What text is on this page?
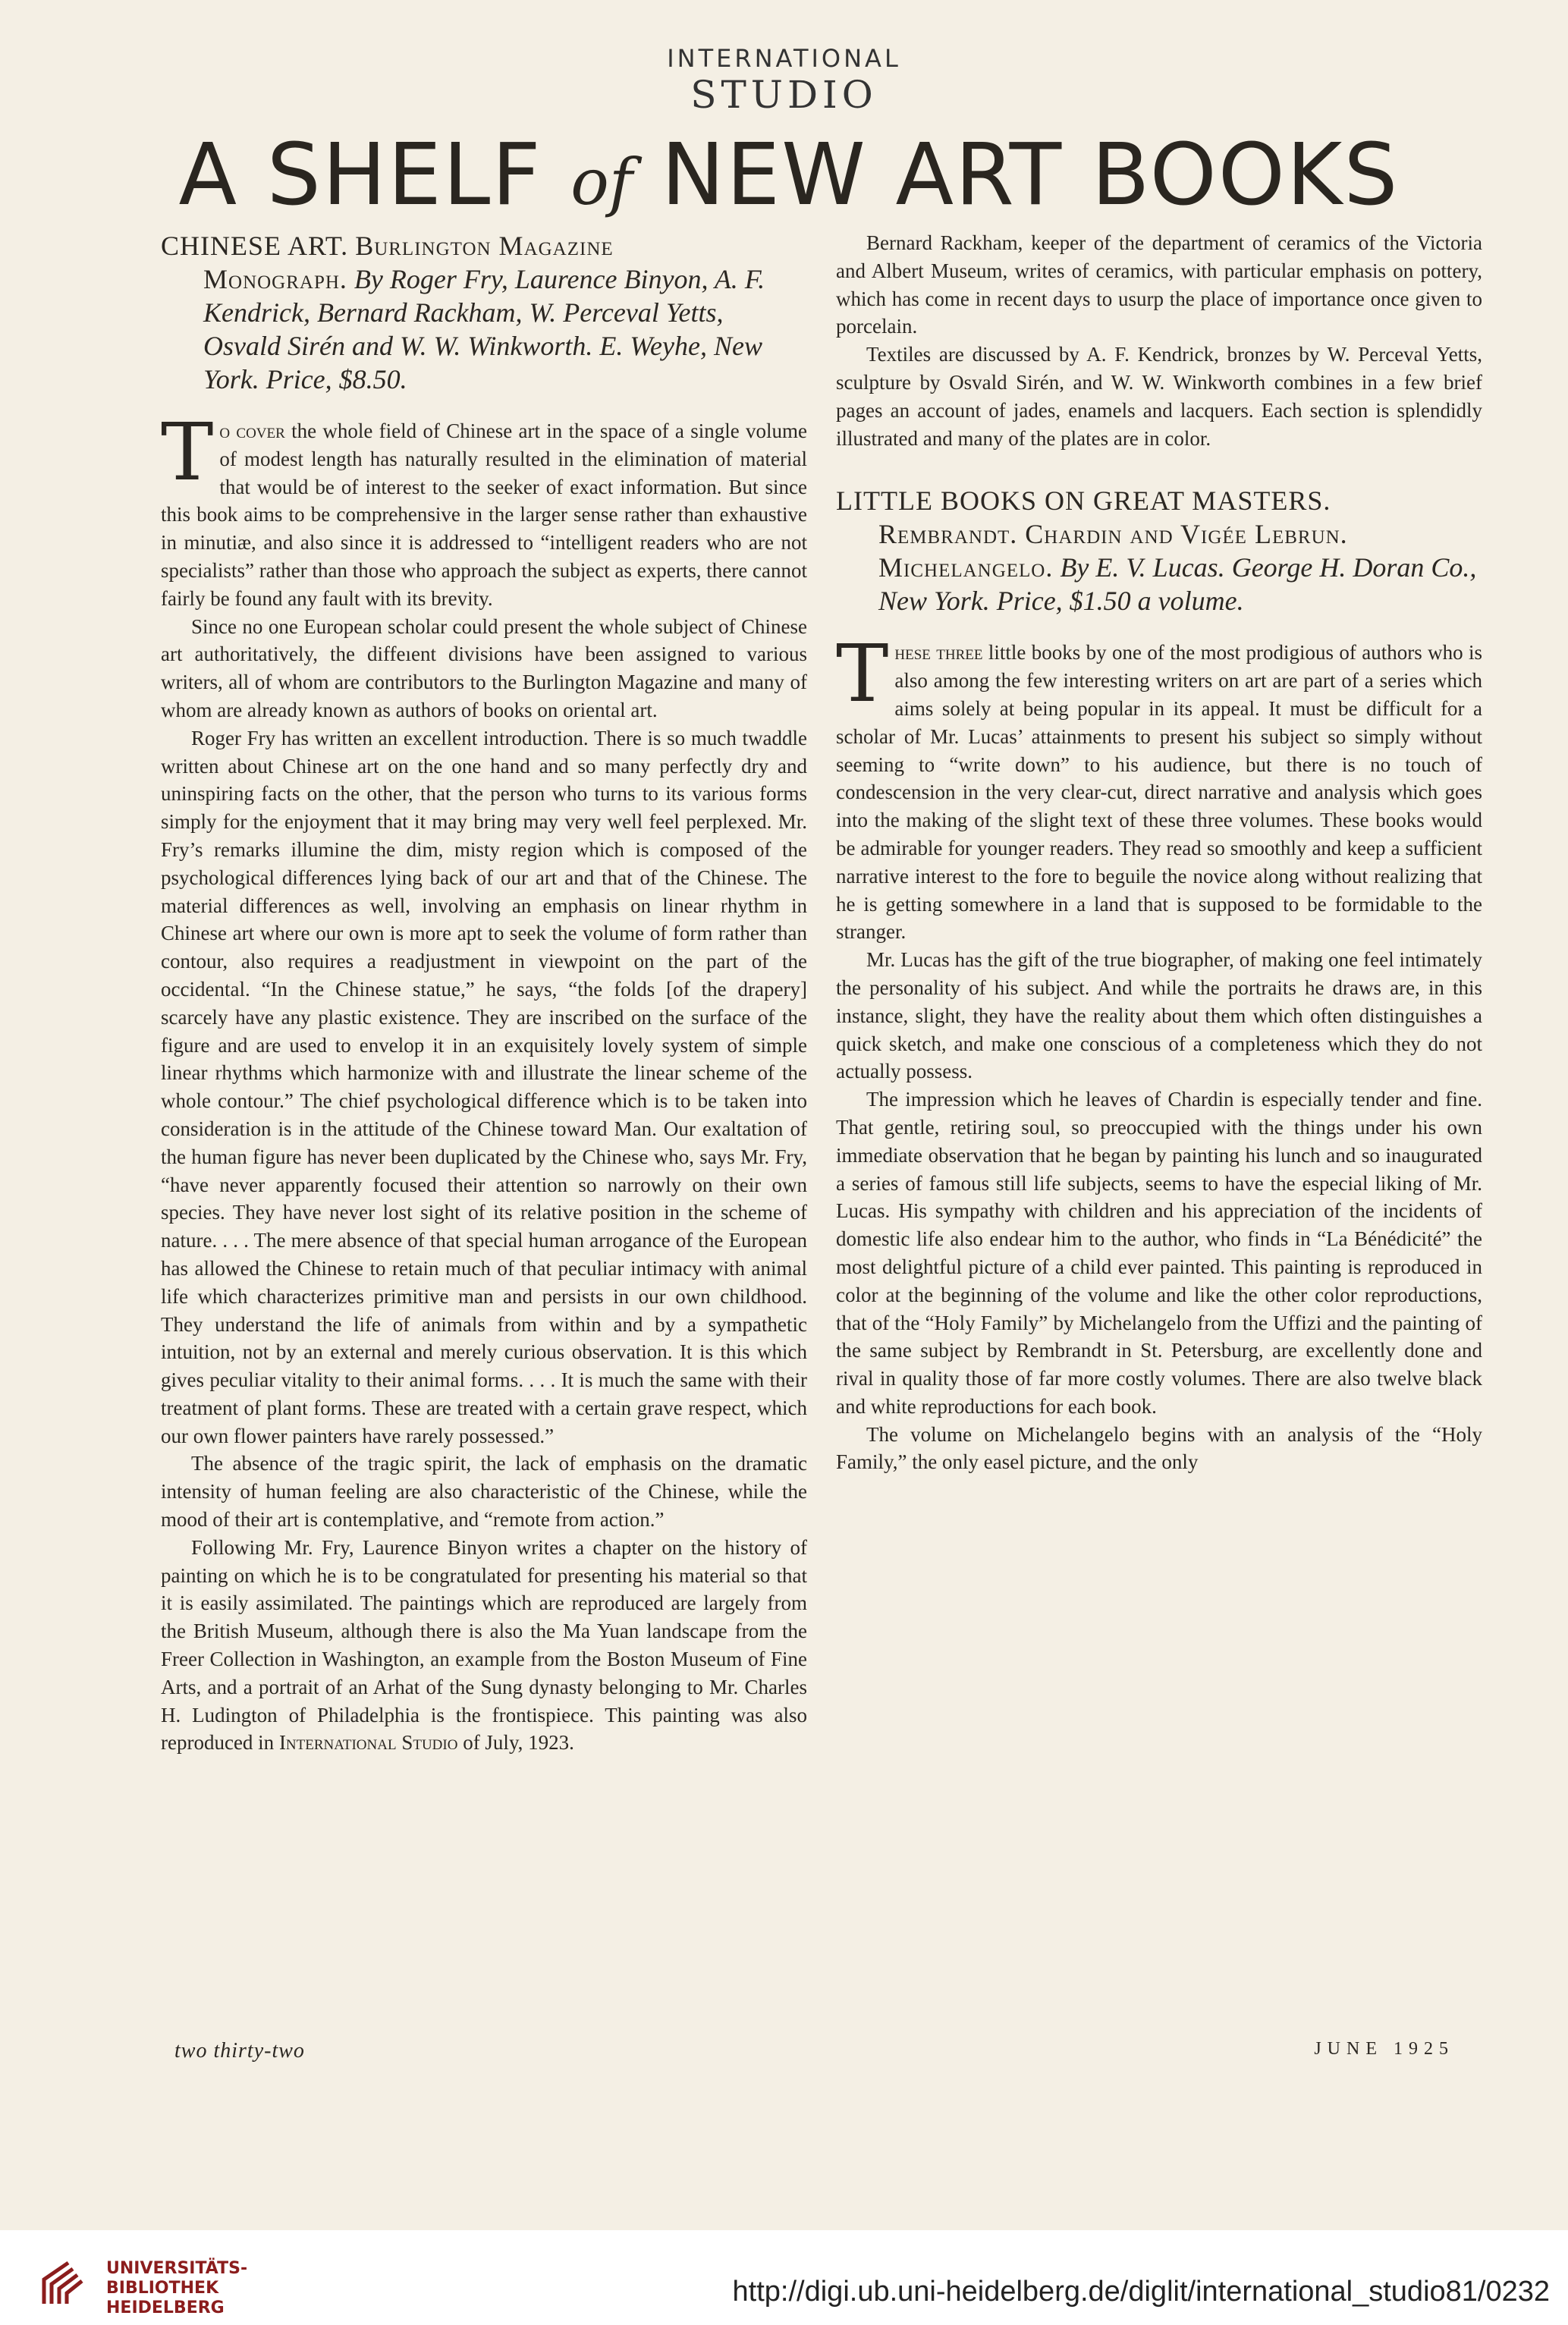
INTERNATIONAL
STUDIO
A SHELF of NEW ART BOOKS
CHINESE ART. Burlington Magazine
Monograph. By Roger Fry, Laurence Binyon, A. F. Kendrick, Bernard Rackham, W. Perceval Yetts, Osvald Sirén and W. W. Winkworth. E. Weyhe, New York. Price, $8.50.

To cover the whole field of Chinese art in the space of a single volume of modest length has naturally resulted in the elimination of material that would be of interest to the seeker of exact information. But since this book aims to be comprehensive in the larger sense rather than exhaustive in minutiæ, and also since it is addressed to “intelligent readers who are not specialists” rather than those who approach the subject as experts, there cannot fairly be found any fault with its brevity.

Since no one European scholar could present the whole subject of Chinese art authoritatively, the diffeıent divisions have been assigned to various writers, all of whom are contributors to the Burlington Magazine and many of whom are already known as authors of books on oriental art.

Roger Fry has written an excellent introduction. There is so much twaddle written about Chinese art on the one hand and so many perfectly dry and uninspiring facts on the other, that the person who turns to its various forms simply for the enjoyment that it may bring may very well feel perplexed. Mr. Fry’s remarks illumine the dim, misty region which is composed of the psychological differences lying back of our art and that of the Chinese. The material differences as well, involving an emphasis on linear rhythm in Chinese art where our own is more apt to seek the volume of form rather than contour, also requires a readjustment in viewpoint on the part of the occidental. “In the Chinese statue,” he says, “the folds [of the drapery] scarcely have any plastic existence. They are inscribed on the surface of the figure and are used to envelop it in an exquisitely lovely system of simple linear rhythms which harmonize with and illustrate the linear scheme of the whole contour.” The chief psychological difference which is to be taken into consideration is in the attitude of the Chinese toward Man. Our exaltation of the human figure has never been duplicated by the Chinese who, says Mr. Fry, “have never apparently focused their attention so narrowly on their own species. They have never lost sight of its relative position in the scheme of nature. . . . The mere absence of that special human arrogance of the European has allowed the Chinese to retain much of that peculiar intimacy with animal life which characterizes primitive man and persists in our own childhood. They understand the life of animals from within and by a sympathetic intuition, not by an external and merely curious observation. It is this which gives peculiar vitality to their animal forms. . . . It is much the same with their treatment of plant forms. These are treated with a certain grave respect, which our own flower painters have rarely possessed.”

The absence of the tragic spirit, the lack of emphasis on the dramatic intensity of human feeling are also characteristic of the Chinese, while the mood of their art is contemplative, and “remote from action.”

Following Mr. Fry, Laurence Binyon writes a chapter on the history of painting on which he is to be congratulated for presenting his material so that it is easily assimilated. The paintings which are reproduced are largely from the British Museum, although there is also the Ma Yuan landscape from the Freer Collection in Washington, an example from the Boston Museum of Fine Arts, and a portrait of an Arhat of the Sung dynasty belonging to Mr. Charles H. Ludington of Philadelphia is the frontispiece. This painting was also reproduced in International Studio of July, 1923.

Bernard Rackham, keeper of the department of ceramics of the Victoria and Albert Museum, writes of ceramics, with particular emphasis on pottery, which has come in recent days to usurp the place of importance once given to porcelain.

Textiles are discussed by A. F. Kendrick, bronzes by W. Perceval Yetts, sculpture by Osvald Sirén, and W. W. Winkworth combines in a few brief pages an account of jades, enamels and lacquers. Each section is splendidly illustrated and many of the plates are in color.

LITTLE BOOKS ON GREAT MASTERS.
Rembrandt. Chardin and Vigée Lebrun. Michelangelo. By E. V. Lucas. George H. Doran Co., New York. Price, $1.50 a volume.

These three little books by one of the most prodigious of authors who is also among the few interesting writers on art are part of a series which aims solely at being popular in its appeal. It must be difficult for a scholar of Mr. Lucas’ attainments to present his subject so simply without seeming to “write down” to his audience, but there is no touch of condescension in the very clear-cut, direct narrative and analysis which goes into the making of the slight text of these three volumes. These books would be admirable for younger readers. They read so smoothly and keep a sufficient narrative interest to the fore to beguile the novice along without realizing that he is getting somewhere in a land that is supposed to be formidable to the stranger.

Mr. Lucas has the gift of the true biographer, of making one feel intimately the personality of his subject. And while the portraits he draws are, in this instance, slight, they have the reality about them which often distinguishes a quick sketch, and make one conscious of a completeness which they do not actually possess.

The impression which he leaves of Chardin is especially tender and fine. That gentle, retiring soul, so preoccupied with the things under his own immediate observation that he began by painting his lunch and so inaugurated a series of famous still life subjects, seems to have the especial liking of Mr. Lucas. His sympathy with children and his appreciation of the incidents of domestic life also endear him to the author, who finds in “La Bénédicité” the most delightful picture of a child ever painted. This painting is reproduced in color at the beginning of the volume and like the other color reproductions, that of the “Holy Family” by Michelangelo from the Uffizi and the painting of the same subject by Rembrandt in St. Petersburg, are excellently done and rival in quality those of far more costly volumes. There are also twelve black and white reproductions for each book.

The volume on Michelangelo begins with an analysis of the “Holy Family,” the only easel picture, and the only

two thirty-two	JUNE 1925
UNIVERSITÄTS-
BIBLIOTHEK
HEIDELBERG
http://digi.ub.uni-heidelberg.de/diglit/international_studio81/0232
